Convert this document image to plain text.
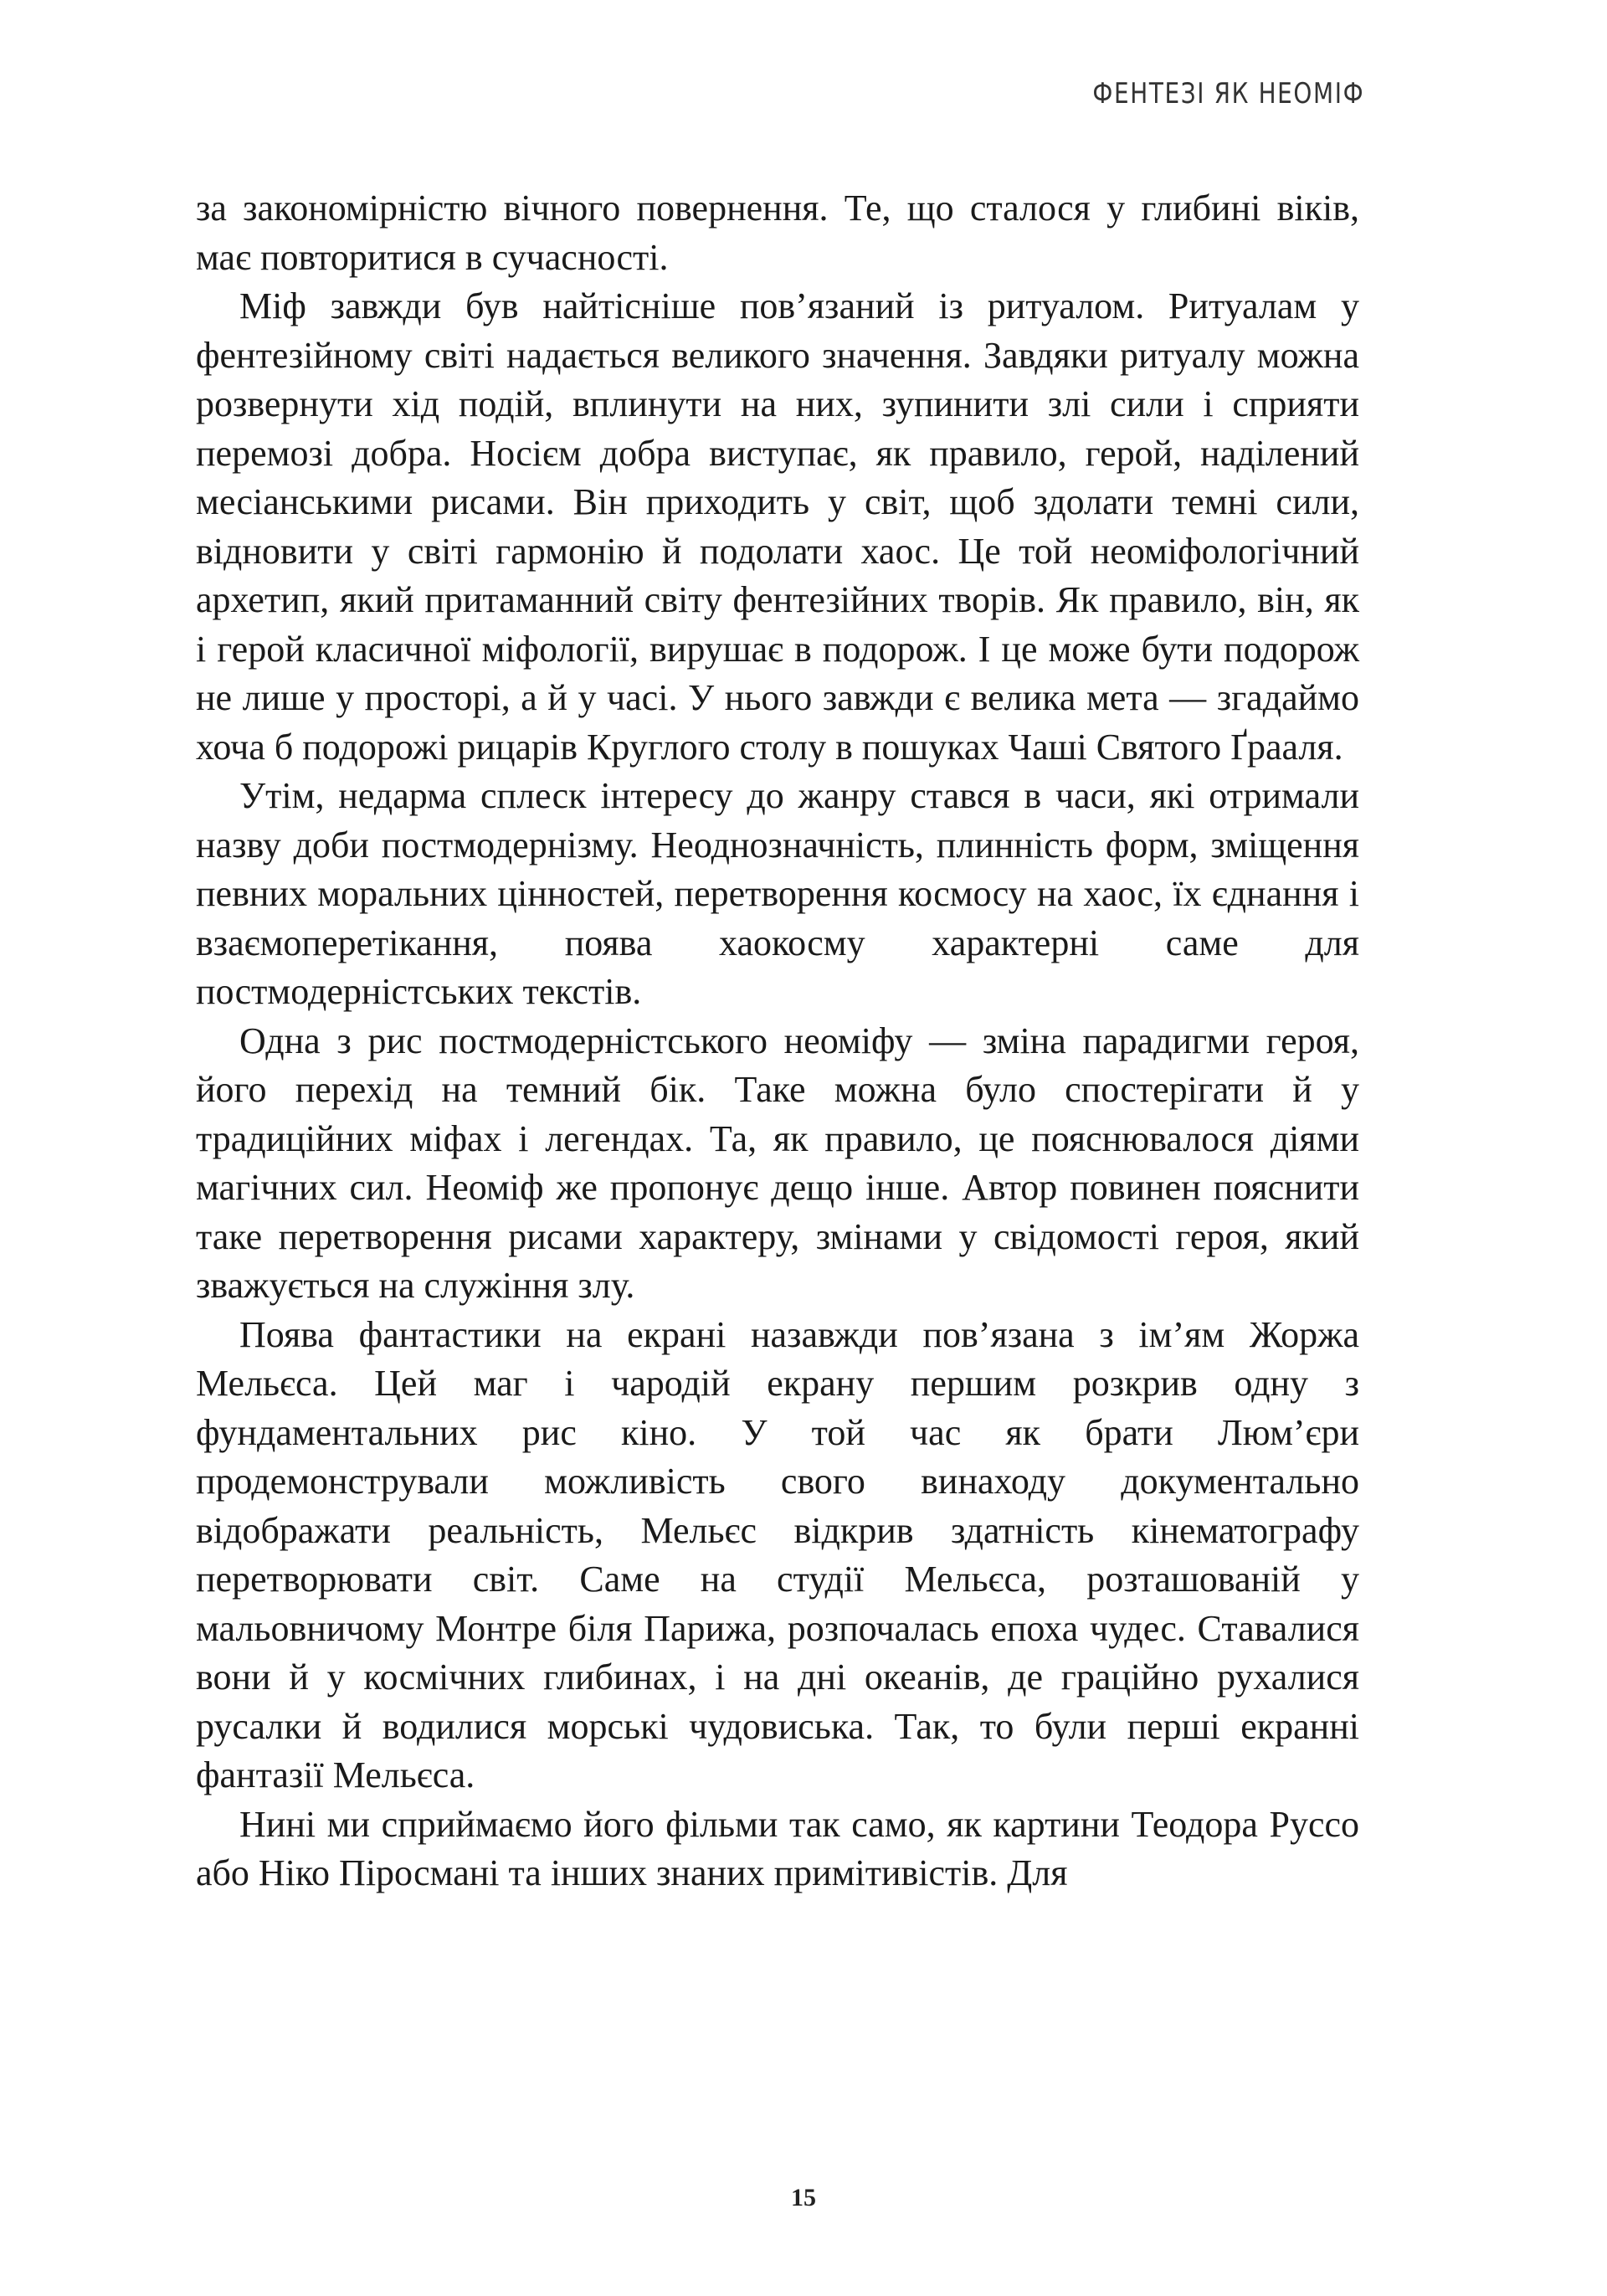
ФЕНТЕЗІ ЯК НЕОМІФ

за закономірністю вічного повернення. Те, що сталося у глибині віків, має повторитися в сучасності.

Міф завжди був найтісніше пов’язаний із ритуалом. Ритуалам у фентезійному світі надається великого значення. Завдяки ритуалу можна розвернути хід подій, вплинути на них, зупинити злі сили і сприяти перемозі добра. Носієм добра виступає, як правило, герой, наділений месіанськими рисами. Він приходить у світ, щоб здолати темні сили, відновити у світі гармонію й подолати хаос. Це той неоміфологічний архетип, який притаманний світу фентезійних творів. Як правило, він, як і герой класичної міфології, вирушає в подорож. І це може бути подорож не лише у просторі, а й у часі. У нього завжди є велика мета — згадаймо хоча б подорожі рицарів Круглого столу в пошуках Чаші Святого Ґрааля.

Утім, недарма сплеск інтересу до жанру стався в часи, які отримали назву доби постмодернізму. Неоднозначність, плинність форм, зміщення певних моральних цінностей, перетворення космосу на хаос, їх єднання і взаємоперетікання, поява хаокосму характерні саме для постмодерністських текстів.

Одна з рис постмодерністського неоміфу — зміна парадигми героя, його перехід на темний бік. Таке можна було спостерігати й у традиційних міфах і легендах. Та, як правило, це пояснювалося діями магічних сил. Неоміф же пропонує дещо інше. Автор повинен пояснити таке перетворення рисами характеру, змінами у свідомості героя, який зважується на служіння злу.

Поява фантастики на екрані назавжди пов’язана з ім’ям Жоржа Мельєса. Цей маг і чародій екрану першим розкрив одну з фундаментальних рис кіно. У той час як брати Люм’єри продемонстрували можливість свого винаходу документально відображати реальність, Мельєс відкрив здатність кінематографу перетворювати світ. Саме на студії Мельєса, розташованій у мальовничому Монтре біля Парижа, розпочалась епоха чудес. Ставалися вони й у космічних глибинах, і на дні океанів, де граційно рухалися русалки й водилися морські чудовиська. Так, то були перші екранні фантазії Мельєса.

Нині ми сприймаємо його фільми так само, як картини Теодора Руссо або Ніко Піросмані та інших знаних примітивістів. Для

15
